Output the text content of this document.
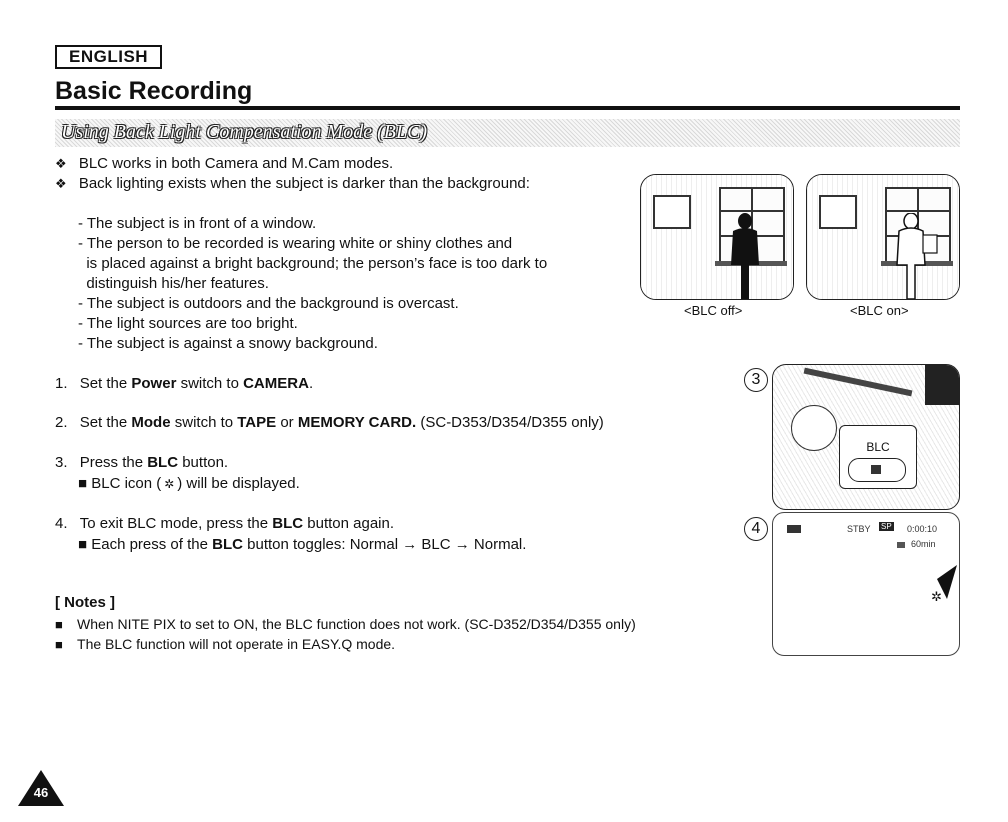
ENGLISH
Basic Recording
Using Back Light Compensation Mode (BLC)
❖ BLC works in both Camera and M.Cam modes.
❖ Back lighting exists when the subject is darker than the background:

- The subject is in front of a window.
- The person to be recorded is wearing white or shiny clothes and
is placed against a bright background; the person’s face is too dark to
distinguish his/her features.
- The subject is outdoors and the background is overcast.
- The light sources are too bright.
- The subject is against a snowy background.

<BLC off>	<BLC on>
1. Set the Power switch to CAMERA.
2. Set the Mode switch to TAPE or MEMORY CARD. (SC-D353/D354/D355 only)
3. Press the BLC button.
■ BLC icon ( ✲ ) will be displayed.
4. To exit BLC mode, press the BLC button again.
■ Each press of the BLC button toggles: Normal → BLC → Normal.
3
BLC
4	STBY SP 0:00:10
60min
✲
[ Notes ]
■ When NITE PIX to set to ON, the BLC function does not work. (SC-D352/D354/D355 only)
■ The BLC function will not operate in EASY.Q mode.
46
